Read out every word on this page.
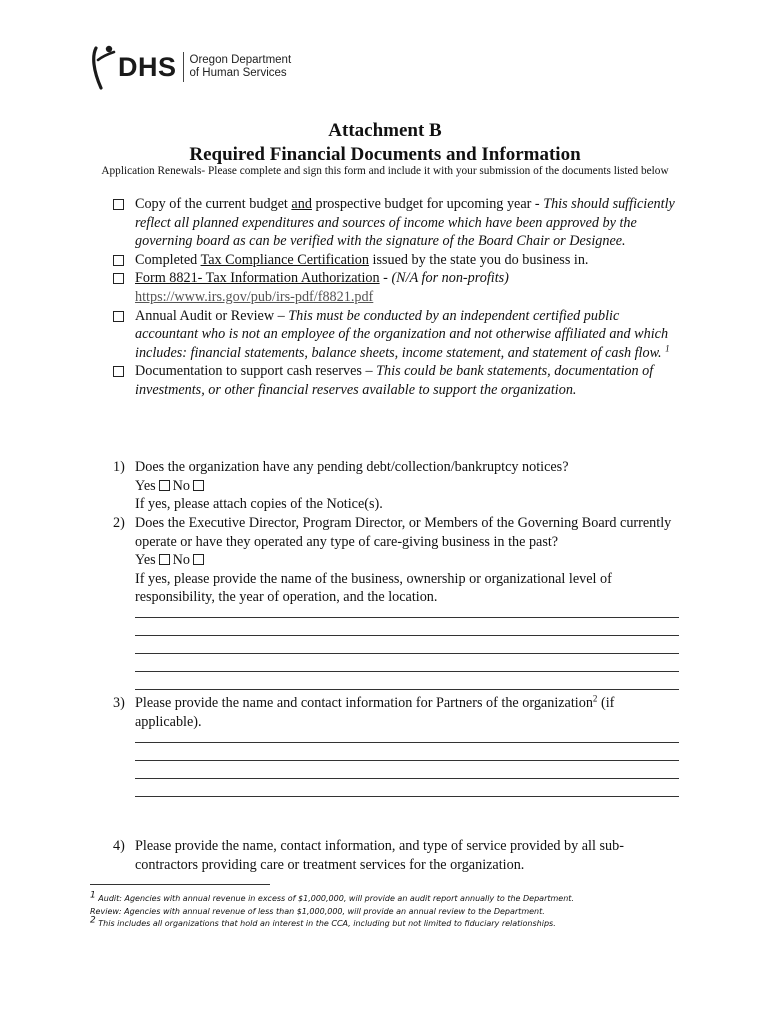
DHS Oregon Department
of Human Services
Attachment B
Required Financial Documents and Information
Application Renewals- Please complete and sign this form and include it with your submission of the documents listed below
Copy of the current budget and prospective budget for upcoming year - This should sufficiently reflect all planned expenditures and sources of income which have been approved by the governing board as can be verified with the signature of the Board Chair or Designee.
Completed Tax Compliance Certification issued by the state you do business in.
Form 8821- Tax Information Authorization - (N/A for non-profits)
https://www.irs.gov/pub/irs-pdf/f8821.pdf
Annual Audit or Review – This must be conducted by an independent certified public accountant who is not an employee of the organization and not otherwise affiliated and which includes: financial statements, balance sheets, income statement, and statement of cash flow. $^1$
Documentation to support cash reserves – This could be bank statements, documentation of investments, or other financial reserves available to support the organization.
1) Does the organization have any pending debt/collection/bankruptcy notices?
Yes No
If yes, please attach copies of the Notice(s).
2) Does the Executive Director, Program Director, or Members of the Governing Board currently operate or have they operated any type of care-giving business in the past?
Yes No
If yes, please provide the name of the business, ownership or organizational level of responsibility, the year of operation, and the location.
3) Please provide the name and contact information for Partners of the organization$^2$ (if applicable).
4) Please provide the name, contact information, and type of service provided by all sub-contractors providing care or treatment services for the organization.
$^1$ Audit: Agencies with annual revenue in excess of $1,000,000, will provide an audit report annually to the Department.
Review: Agencies with annual revenue of less than $1,000,000, will provide an annual review to the Department.
$^2$ This includes all organizations that hold an interest in the CCA, including but not limited to fiduciary relationships.
